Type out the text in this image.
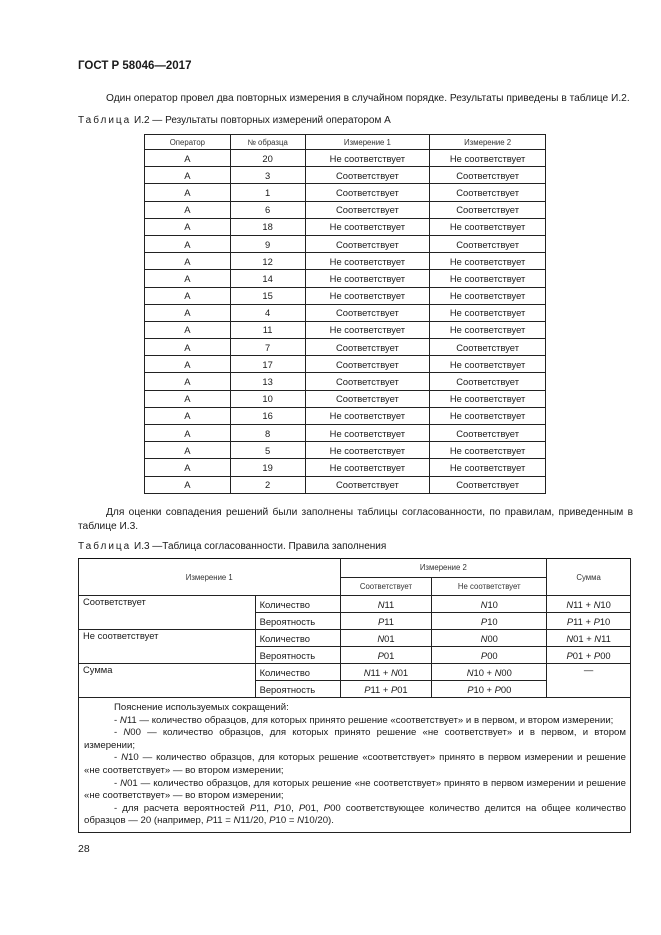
ГОСТ Р 58046—2017
Один оператор провел два повторных измерения в случайном порядке. Результаты приведены в таблице И.2.
Таблица И.2 — Результаты повторных измерений оператором А
Оператор	№ образца	Измерение 1	Измерение 2
А	20	Не соответствует	Не соответствует
А	3	Соответствует	Соответствует
А	1	Соответствует	Соответствует
А	6	Соответствует	Соответствует
А	18	Не соответствует	Не соответствует
А	9	Соответствует	Соответствует
А	12	Не соответствует	Не соответствует
А	14	Не соответствует	Не соответствует
А	15	Не соответствует	Не соответствует
А	4	Соответствует	Не соответствует
А	11	Не соответствует	Не соответствует
А	7	Соответствует	Соответствует
А	17	Соответствует	Не соответствует
А	13	Соответствует	Соответствует
А	10	Соответствует	Не соответствует
А	16	Не соответствует	Не соответствует
А	8	Не соответствует	Соответствует
А	5	Не соответствует	Не соответствует
А	19	Не соответствует	Не соответствует
А	2	Соответствует	Соответствует
Для оценки совпадения решений были заполнены таблицы согласованности, по правилам, приведенным в таблице И.3.
Таблица И.3 —Таблица согласованности. Правила заполнения
Измерение 1		Измерение 2		Сумма
		Соответствует	Не соответствует	
Соответствует	Количество	N11	N10	N11 + N10
	Вероятность	P11	P10	P11 + P10
Не соответствует	Количество	N01	N00	N01 + N11
	Вероятность	P01	P00	P01 + P00
Сумма	Количество	N11 + N01	N10 + N00	—
	Вероятность	P11 + P01	P10 + P00	

Пояснение используемых сокращений:

- N11 — количество образцов, для которых принято решение «соответствует» и в первом, и втором измерении;

- N00 — количество образцов, для которых принято решение «не соответствует» и в первом, и втором измерении;

- N10 — количество образцов, для которых решение «соответствует» принято в первом измерении и решение «не соответствует» — во втором измерении;

- N01 — количество образцов, для которых решение «не соответствует» принято в первом измерении и решение «не соответствует» — во втором измерении;

- для расчета вероятностей P11, P10, P01, P00 соответствующее количество делится на общее количество образцов — 20 (например, P11 = N11/20, P10 = N10/20).

28
